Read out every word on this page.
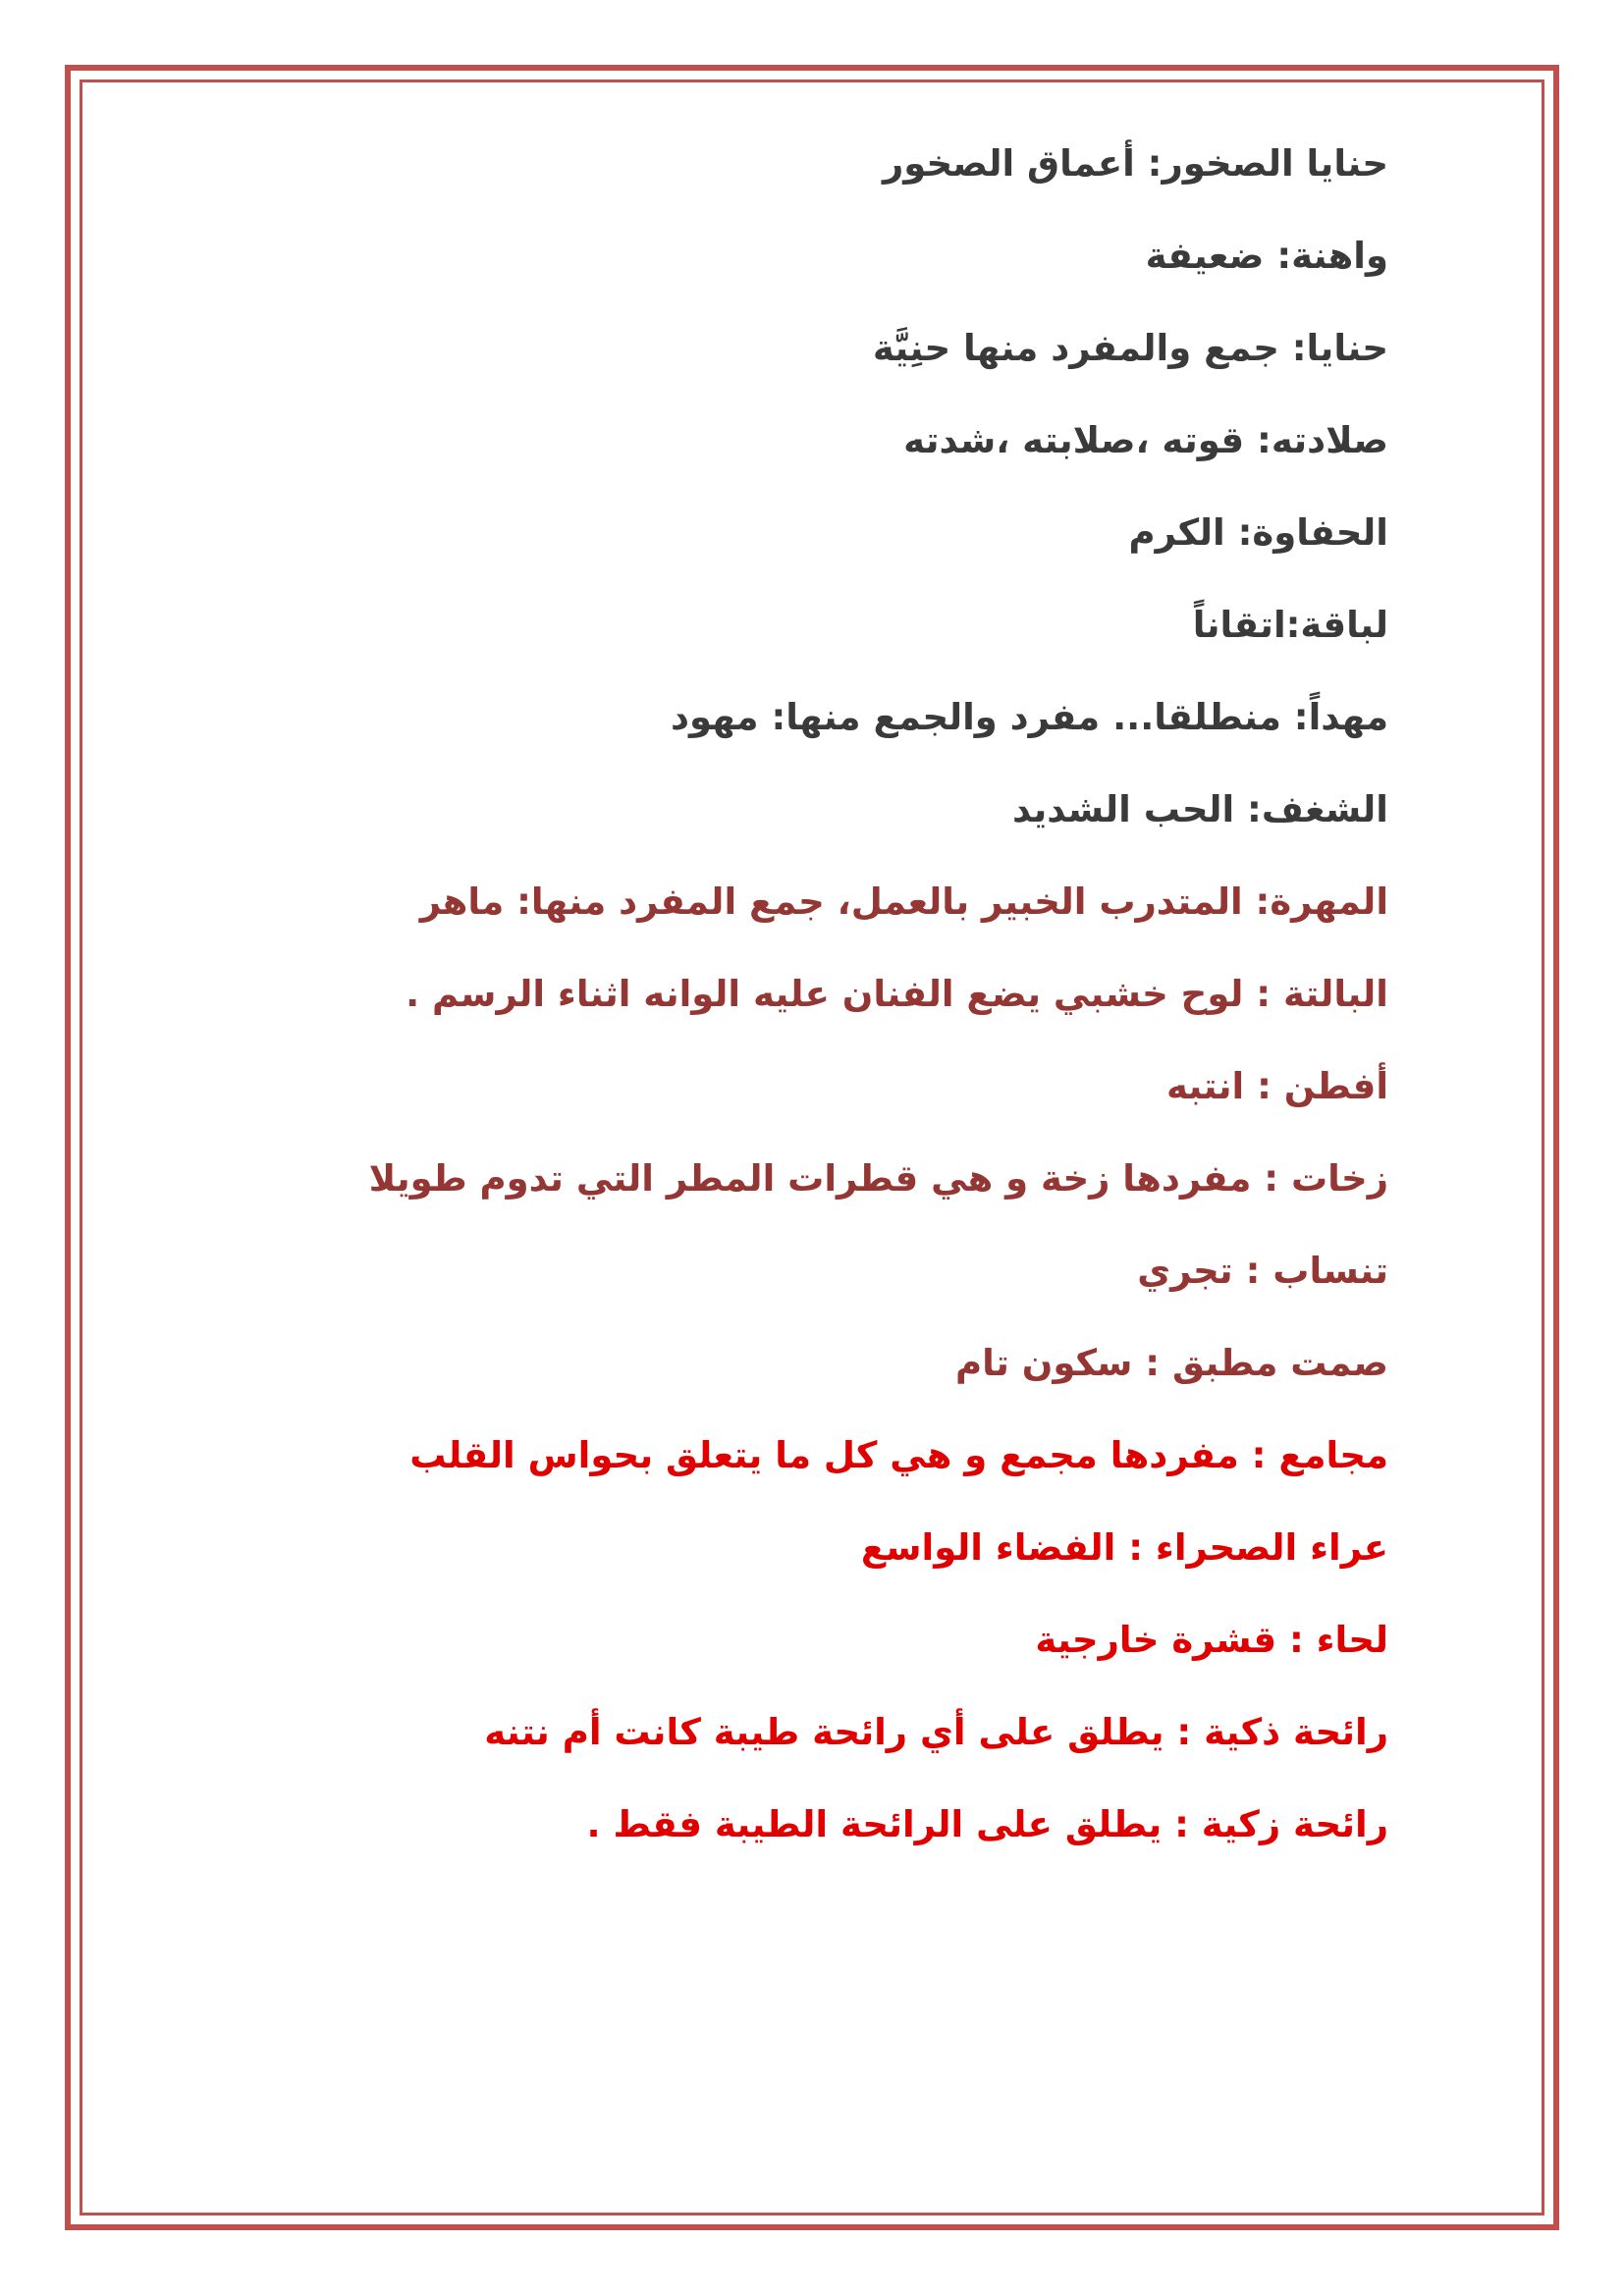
حنايا الصخور: أعماق الصخور
واهنة: ضعيفة
حنايا: جمع والمفرد منها حنِيَّة
صلادته: قوته ،صلابته ،شدته
الحفاوة: الكرم
لباقة:اتقاناً
مهداً: منطلقا... مفرد والجمع منها: مهود
الشغف: الحب الشديد
المهرة: المتدرب الخبير بالعمل، جمع المفرد منها: ماهر
البالتة : لوح خشبي يضع الفنان عليه الوانه اثناء الرسم .
أفطن : انتبه
زخات : مفردها زخة و هي قطرات المطر التي تدوم طويلا
تنساب : تجري
صمت مطبق : سكون تام
مجامع : مفردها مجمع و هي كل ما يتعلق بحواس القلب
عراء الصحراء : الفضاء الواسع
لحاء : قشرة خارجية
رائحة ذكية : يطلق على أي رائحة طيبة كانت أم نتنه
رائحة زكية : يطلق على الرائحة الطيبة فقط .
